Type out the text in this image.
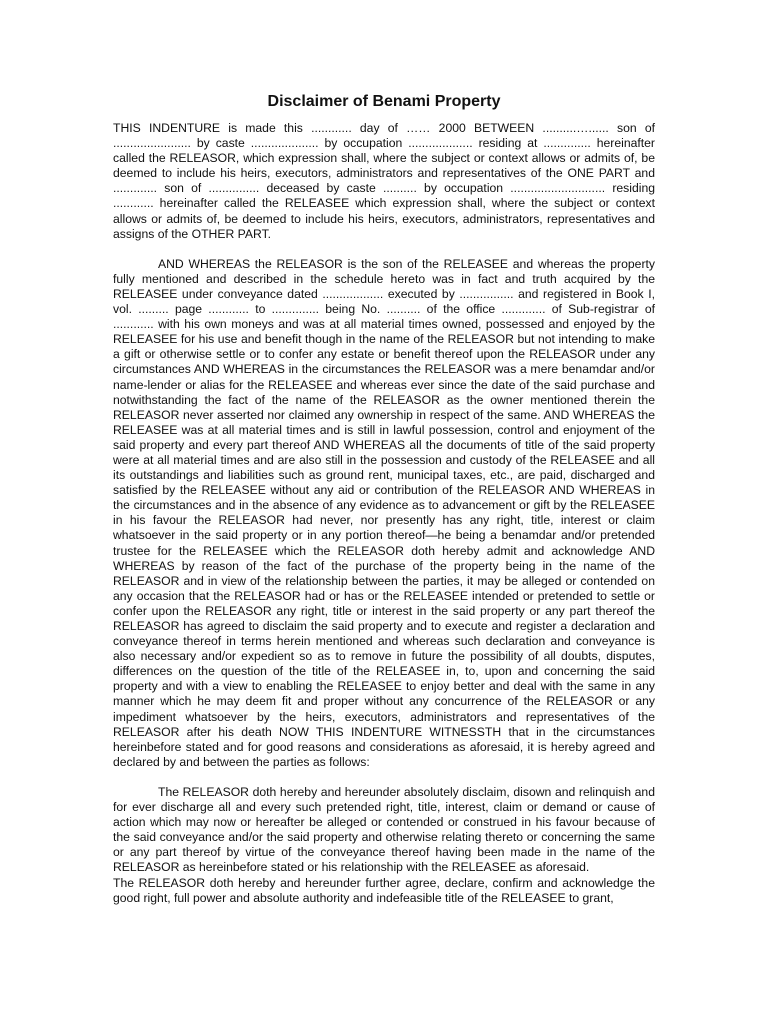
Disclaimer of Benami Property

THIS INDENTURE is made this ............ day of …… 2000 BETWEEN ..........…...... son of ....................... by caste .................... by occupation ................... residing at .............. hereinafter called the RELEASOR, which expression shall, where the subject or context allows or admits of, be deemed to include his heirs, executors, administrators and representatives of the ONE PART and ............. son of ............... deceased by caste .......... by occupation ............................ residing ............ hereinafter called the RELEASEE which expression shall, where the subject or context allows or admits of, be deemed to include his heirs, executors, administrators, representatives and assigns of the OTHER PART.

AND WHEREAS the RELEASOR is the son of the RELEASEE and whereas the property fully mentioned and described in the schedule hereto was in fact and truth acquired by the RELEASEE under conveyance dated .................. executed by ................ and registered in Book I, vol. ......... page ............ to .............. being No. .......... of the office ............. of Sub-registrar of ............ with his own moneys and was at all material times owned, possessed and enjoyed by the RELEASEE for his use and benefit though in the name of the RELEASOR but not intending to make a gift or otherwise settle or to confer any estate or benefit thereof upon the RELEASOR under any circumstances AND WHEREAS in the circumstances the RELEASOR was a mere benamdar and/or name-lender or alias for the RELEASEE and whereas ever since the date of the said purchase and notwithstanding the fact of the name of the RELEASOR as the owner mentioned therein the RELEASOR never asserted nor claimed any ownership in respect of the same. AND WHEREAS the RELEASEE was at all material times and is still in lawful possession, control and enjoyment of the said property and every part thereof AND WHEREAS all the documents of title of the said property were at all material times and are also still in the possession and custody of the RELEASEE and all its outstandings and liabilities such as ground rent, municipal taxes, etc., are paid, discharged and satisfied by the RELEASEE without any aid or contribution of the RELEASOR AND WHEREAS in the circumstances and in the absence of any evidence as to advancement or gift by the RELEASEE in his favour the RELEASOR had never, nor presently has any right, title, interest or claim whatsoever in the said property or in any portion thereof—he being a benamdar and/or pretended trustee for the RELEASEE which the RELEASOR doth hereby admit and acknowledge AND WHEREAS by reason of the fact of the purchase of the property being in the name of the RELEASOR and in view of the relationship between the parties, it may be alleged or contended on any occasion that the RELEASOR had or has or the RELEASEE intended or pretended to settle or confer upon the RELEASOR any right, title or interest in the said property or any part thereof the RELEASOR has agreed to disclaim the said property and to execute and register a declaration and conveyance thereof in terms herein mentioned and whereas such declaration and conveyance is also necessary and/or expedient so as to remove in future the possibility of all doubts, disputes, differences on the question of the title of the RELEASEE in, to, upon and concerning the said property and with a view to enabling the RELEASEE to enjoy better and deal with the same in any manner which he may deem fit and proper without any concurrence of the RELEASOR or any impediment whatsoever by the heirs, executors, administrators and representatives of the RELEASOR after his death NOW THIS INDENTURE WITNESSTH that in the circumstances hereinbefore stated and for good reasons and considerations as aforesaid, it is hereby agreed and declared by and between the parties as follows:

The RELEASOR doth hereby and hereunder absolutely disclaim, disown and relinquish and for ever discharge all and every such pretended right, title, interest, claim or demand or cause of action which may now or hereafter be alleged or contended or construed in his favour because of the said conveyance and/or the said property and otherwise relating thereto or concerning the same or any part thereof by virtue of the conveyance thereof having been made in the name of the RELEASOR as hereinbefore stated or his relationship with the RELEASEE as aforesaid.

The RELEASOR doth hereby and hereunder further agree, declare, confirm and acknowledge the good right, full power and absolute authority and indefeasible title of the RELEASEE to grant,
